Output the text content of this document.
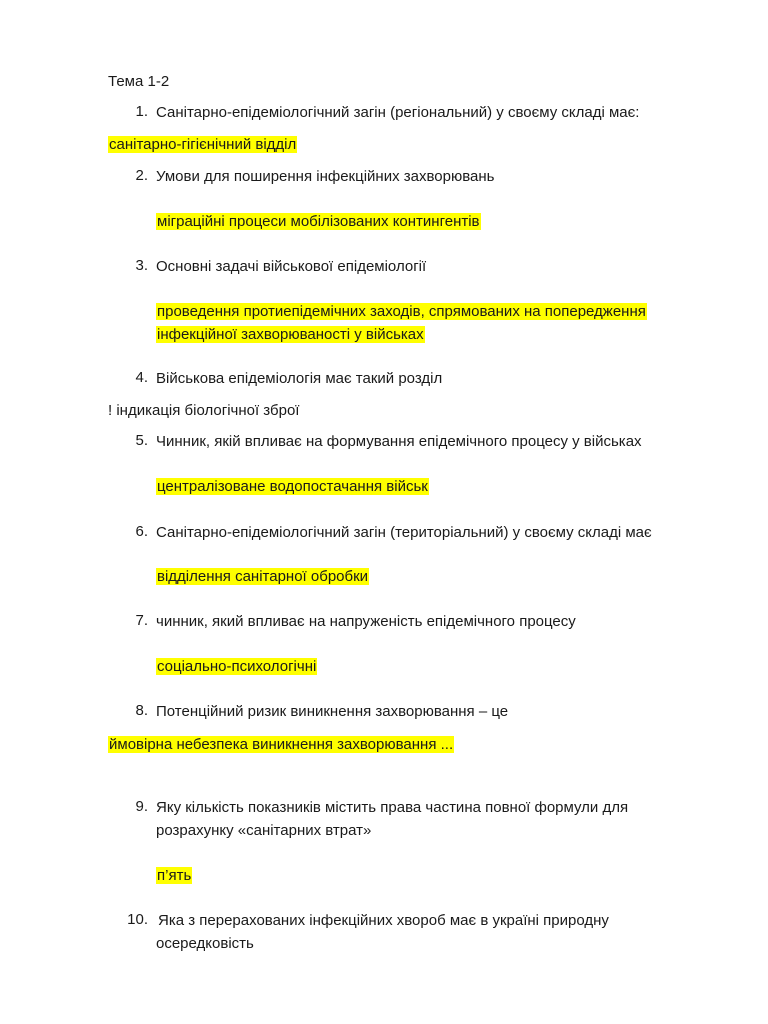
Тема 1-2
1. Санітарно-епідеміологічний загін (регіональний) у своєму складі має:
санітарно-гігієнічний відділ
2. Умови для поширення інфекційних захворювань
міграційні процеси мобілізованих контингентів
3. Основні задачі військової епідеміології
проведення протиепідемічних заходів, спрямованих на попередження
інфекційної захворюваності у військах
4. Військова епідеміологія має такий розділ
! індикація біологічної зброї
5. Чинник, якій впливає на формування епідемічного процесу у військах
централізоване водопостачання військ
6. Санітарно-епідеміологічний загін (територіальний) у своєму складі має
відділення санітарної обробки
7. чинник, який впливає на напруженість епідемічного процесу
соціально-психологічні
8. Потенційний ризик виникнення захворювання – це
ймовірна небезпека виникнення захворювання ...
9. Яку кількість показників містить права частина повної формули для
розрахунку «санітарних втрат»
п’ять
10. Яка з перерахованих інфекційних хвороб має в україні природну
осередковість
